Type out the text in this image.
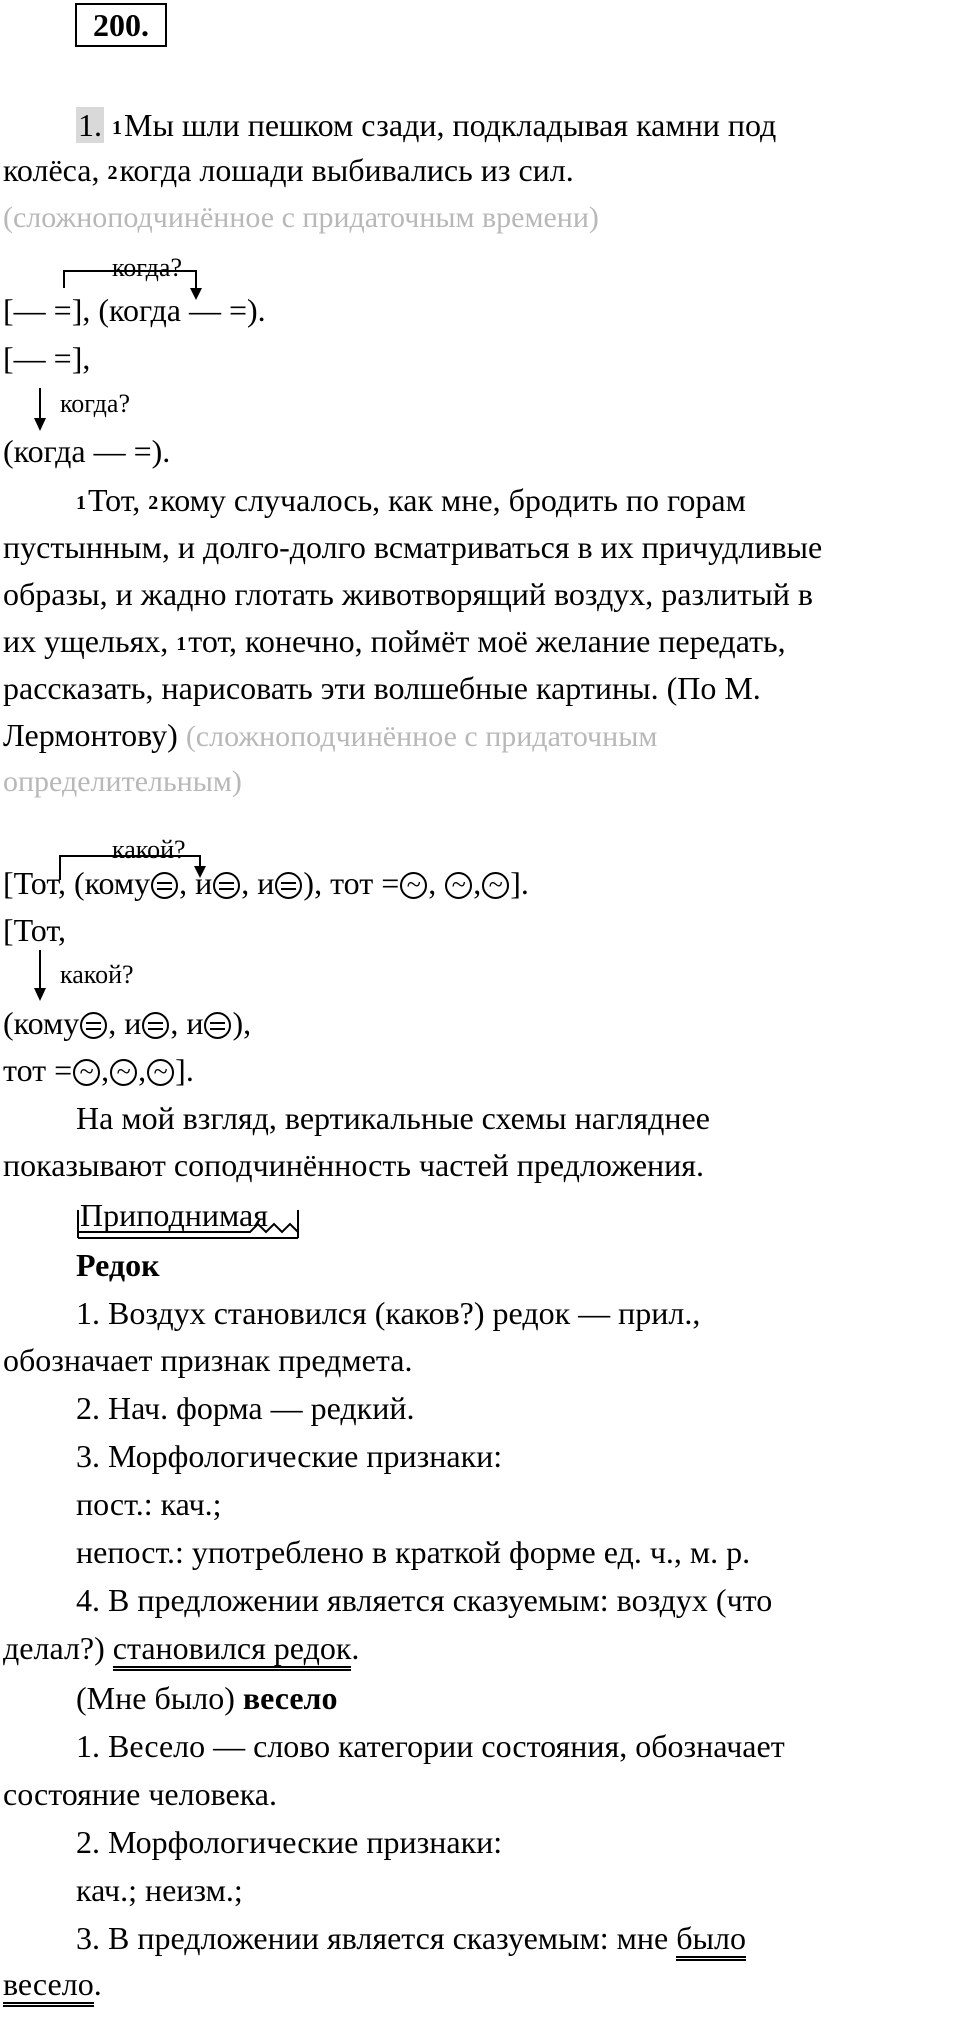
200.
1. 1Мы шли пешком сзади, подкладывая камни под
колёса, 2когда лошади выбивались из сил.
(сложноподчинённое с придаточным времени)
когда?
[— =], (когда — =).
[— =],
когда?
(когда — =).
1Тот, 2кому случалось, как мне, бродить по горам
пустынным, и долго-долго всматриваться в их причудливые
образы, и жадно глотать животворящий воздух, разлитый в
их ущельях, 1тот, конечно, поймёт моё желание передать,
рассказать, нарисовать эти волшебные картины. (По М.
Лермонтову) (сложноподчинённое с придаточным
определительным)
какой?
[Тот, (кому , и , и ), тот = ~ , ~, ~ ].
[Тот,
какой?
(кому , и , и ),
тот = ~ , ~ , ~ ].
На мой взгляд, вертикальные схемы нагляднее
показывают соподчинённость частей предложения.
Приподнимая
Редок
1. Воздух становился (каков?) редок — прил.,
обозначает признак предмета.
2. Нач. форма — редкий.
3. Морфологические признаки:
пост.: кач.;
непост.: употреблено в краткой форме ед. ч., м. р.
4. В предложении является сказуемым: воздух (что
делал?) становился редок.
(Мне было) весело
1. Весело — слово категории состояния, обозначает
состояние человека.
2. Морфологические признаки:
кач.; неизм.;
3. В предложении является сказуемым: мне было
весело.
